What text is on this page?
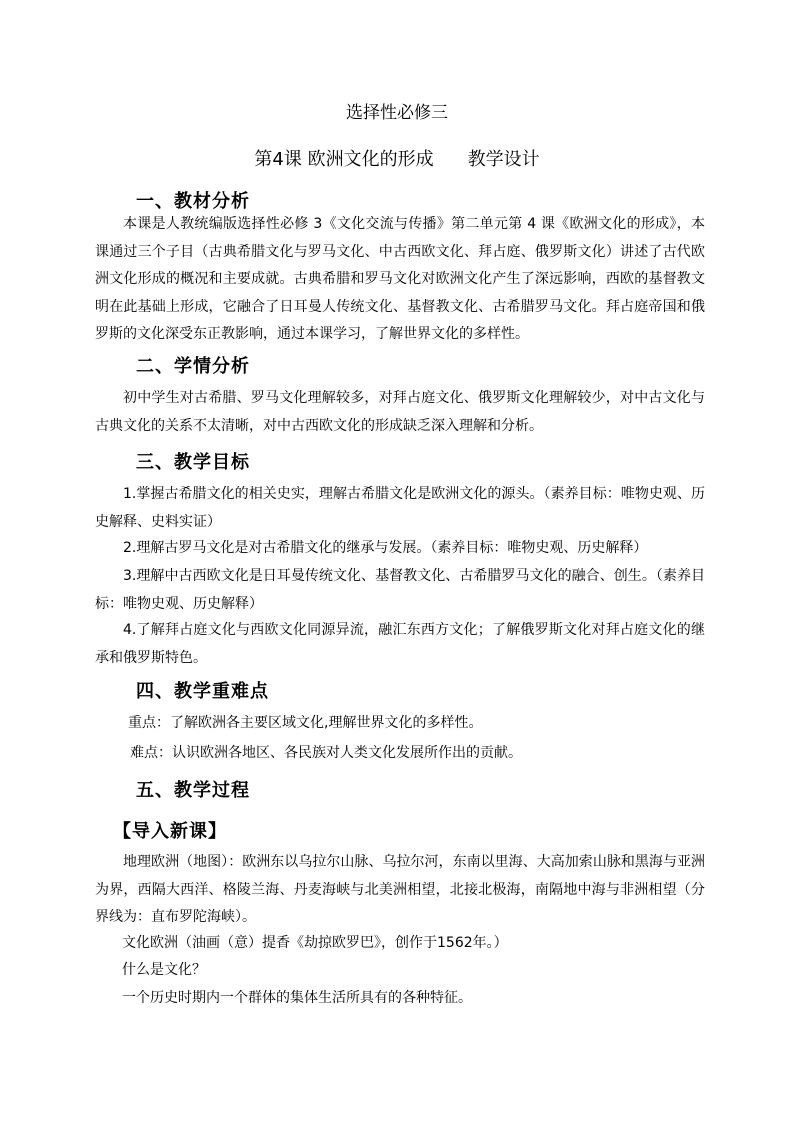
选择性必修三
第4课 欧洲文化的形成 教学设计
一、教材分析

本课是人教统编版选择性必修 3《文化交流与传播》第二单元第 4 课《欧洲文化的形成》，本课通过三个子目（古典希腊文化与罗马文化、中古西欧文化、拜占庭、俄罗斯文化）讲述了古代欧洲文化形成的概况和主要成就。古典希腊和罗马文化对欧洲文化产生了深远影响，西欧的基督教文明在此基础上形成，它融合了日耳曼人传统文化、基督教文化、古希腊罗马文化。拜占庭帝国和俄罗斯的文化深受东正教影响，通过本课学习，了解世界文化的多样性。

二、学情分析

初中学生对古希腊、罗马文化理解较多，对拜占庭文化、俄罗斯文化理解较少，对中古文化与古典文化的关系不太清晰，对中古西欧文化的形成缺乏深入理解和分析。

三、教学目标

1.掌握古希腊文化的相关史实，理解古希腊文化是欧洲文化的源头。（素养目标：唯物史观、历史解释、史料实证）

2.理解古罗马文化是对古希腊文化的继承与发展。（素养目标：唯物史观、历史解释）

3.理解中古西欧文化是日耳曼传统文化、基督教文化、古希腊罗马文化的融合、创生。（素养目标：唯物史观、历史解释）

4.了解拜占庭文化与西欧文化同源异流，融汇东西方文化；了解俄罗斯文化对拜占庭文化的继承和俄罗斯特色。

四、教学重难点

重点：了解欧洲各主要区域文化,理解世界文化的多样性。

难点：认识欧洲各地区、各民族对人类文化发展所作出的贡献。

五、教学过程
【导入新课】

地理欧洲（地图）：欧洲东以乌拉尔山脉、乌拉尔河，东南以里海、大高加索山脉和黑海与亚洲为界，西隔大西洋、格陵兰海、丹麦海峡与北美洲相望，北接北极海，南隔地中海与非洲相望（分界线为：直布罗陀海峡）。

文化欧洲（油画（意）提香《劫掠欧罗巴》，创作于1562年。）

什么是文化？

一个历史时期内一个群体的集体生活所具有的各种特征。
